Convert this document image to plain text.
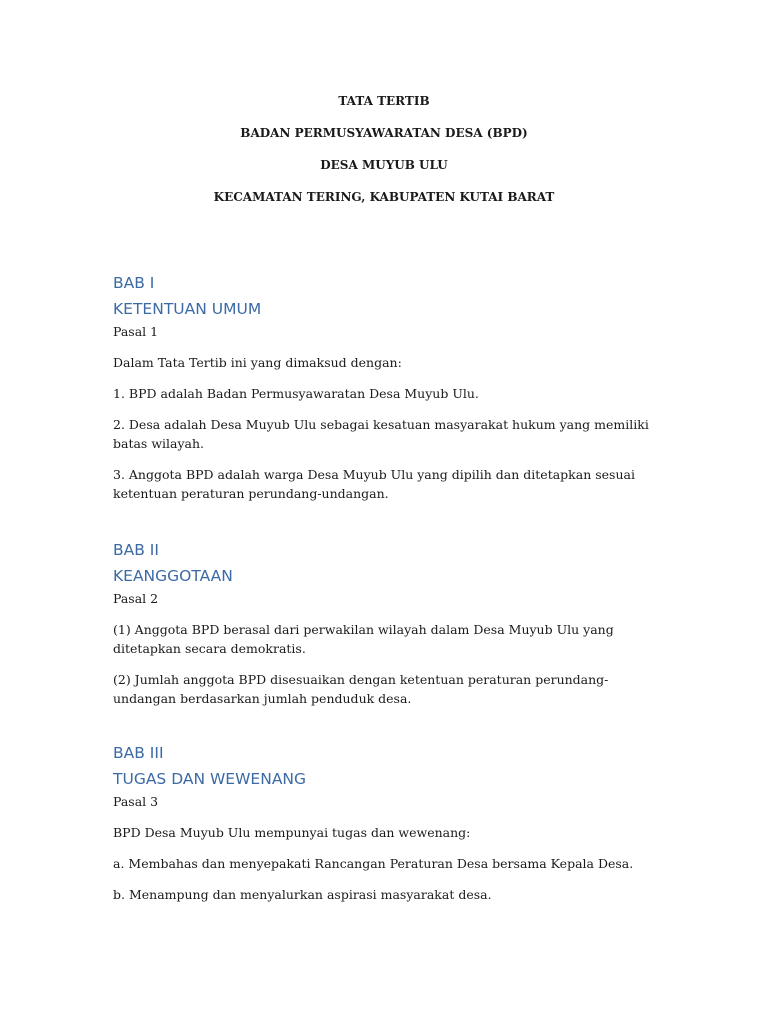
TATA TERTIB
BADAN PERMUSYAWARATAN DESA (BPD)
DESA MUYUB ULU
KECAMATAN TERING, KABUPATEN KUTAI BARAT
BAB I
KETENTUAN UMUM
Pasal 1
Dalam Tata Tertib ini yang dimaksud dengan:
1. BPD adalah Badan Permusyawaratan Desa Muyub Ulu.
2. Desa adalah Desa Muyub Ulu sebagai kesatuan masyarakat hukum yang memiliki batas wilayah.
3. Anggota BPD adalah warga Desa Muyub Ulu yang dipilih dan ditetapkan sesuai ketentuan peraturan perundang-undangan.
BAB II
KEANGGOTAAN
Pasal 2
(1) Anggota BPD berasal dari perwakilan wilayah dalam Desa Muyub Ulu yang ditetapkan secara demokratis.
(2) Jumlah anggota BPD disesuaikan dengan ketentuan peraturan perundang-undangan berdasarkan jumlah penduduk desa.
BAB III
TUGAS DAN WEWENANG
Pasal 3
BPD Desa Muyub Ulu mempunyai tugas dan wewenang:
a. Membahas dan menyepakati Rancangan Peraturan Desa bersama Kepala Desa.
b. Menampung dan menyalurkan aspirasi masyarakat desa.
